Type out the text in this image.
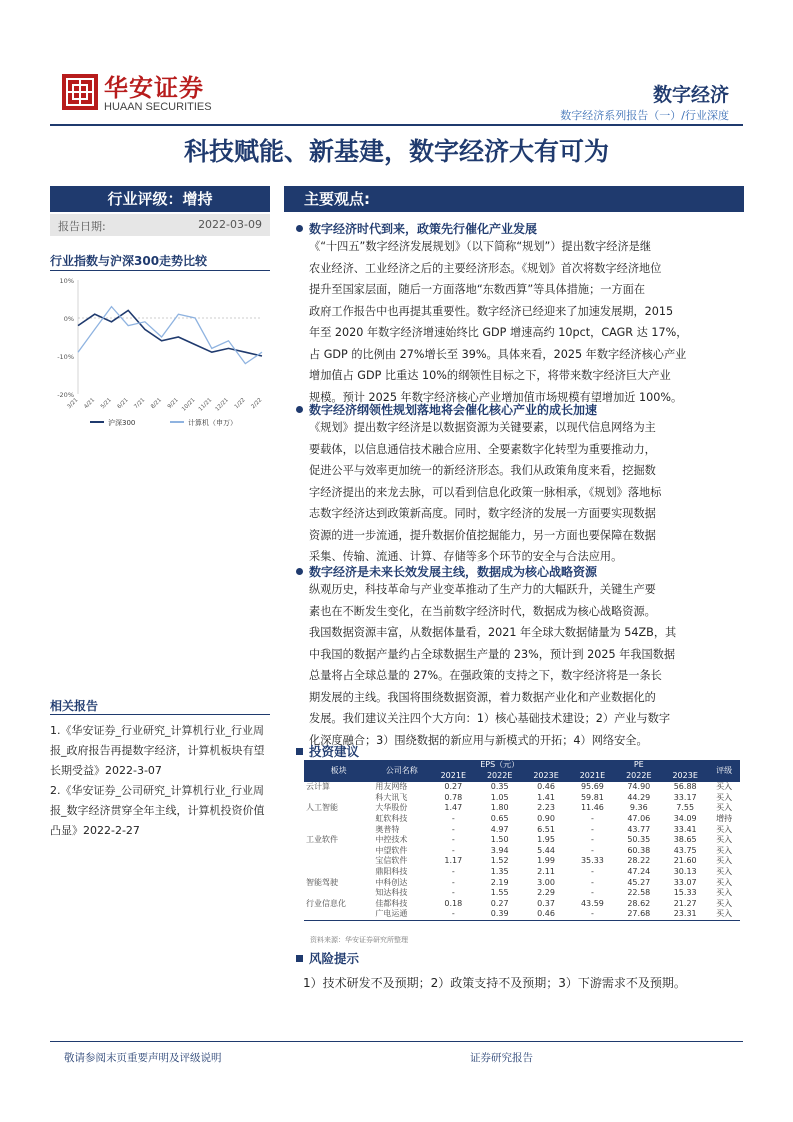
华安证券
HUAAN SECURITIES
数字经济
数字经济系列报告（一）/行业深度
科技赋能、新基建，数字经济大有可为
行业评级：增持
报告日期:	2022-03-09
行业指数与沪深300走势比较
3/21 4/21 5/21 6/21 7/21 8/21 9/21 10/21 11/21 12/21 1/22 2/22
10%
0%
-10%
-20%
沪深300	计算机（申万）
相关报告
1.《华安证券_行业研究_计算机行业_行业周报_政府报告再提数字经济，计算机板块有望长期受益》2022-3-07
2.《华安证券_公司研究_计算机行业_行业周报_数字经济贯穿全年主线，计算机投资价值凸显》2022-2-27
主要观点:
数字经济时代到来，政策先行催化产业发展
《“十四五”数字经济发展规划》（以下简称“规划”）提出数字经济是继
农业经济、工业经济之后的主要经济形态。《规划》首次将数字经济地位
提升至国家层面，随后一方面落地“东数西算”等具体措施；一方面在
政府工作报告中也再提其重要性。数字经济已经迎来了加速发展期，2015
年至 2020 年数字经济增速始终比 GDP 增速高约 10pct，CAGR 达 17%，
占 GDP 的比例由 27%增长至 39%。具体来看，2025 年数字经济核心产业
增加值占 GDP 比重达 10%的纲领性目标之下，将带来数字经济巨大产业
规模。预计 2025 年数字经济核心产业增加值市场规模有望增加近 100%。
数字经济纲领性规划落地将会催化核心产业的成长加速
《规划》提出数字经济是以数据资源为关键要素，以现代信息网络为主
要载体，以信息通信技术融合应用、全要素数字化转型为重要推动力，
促进公平与效率更加统一的新经济形态。我们从政策角度来看，挖掘数
字经济提出的来龙去脉，可以看到信息化政策一脉相承，《规划》落地标
志数字经济达到政策新高度。同时，数字经济的发展一方面要实现数据
资源的进一步流通，提升数据价值挖掘能力，另一方面也要保障在数据
采集、传输、流通、计算、存储等多个环节的安全与合法应用。
数字经济是未来长效发展主线，数据成为核心战略资源
纵观历史，科技革命与产业变革推动了生产力的大幅跃升，关键生产要
素也在不断发生变化，在当前数字经济时代，数据成为核心战略资源。
我国数据资源丰富，从数据体量看，2021 年全球大数据储量为 54ZB，其
中我国的数据产量约占全球数据生产量的 23%，预计到 2025 年我国数据
总量将占全球总量的 27%。在强政策的支持之下，数字经济将是一条长
期发展的主线。我国将围绕数据资源，着力数据产业化和产业数据化的
发展。我们建议关注四个大方向：1）核心基础技术建设；2）产业与数字
化深度融合；3）围绕数据的新应用与新模式的开拓；4）网络安全。
投资建议
板块	公司名称	EPS（元）			PE			评级
		2021E	2022E	2023E	2021E	2022E	2023E	
云计算	用友网络	0.27	0.35	0.46	95.69	74.90	56.88	买入
	科大讯飞	0.78	1.05	1.41	59.81	44.29	33.17	买入
人工智能	大华股份	1.47	1.80	2.23	11.46	9.36	7.55	买入
	虹软科技	-	0.65	0.90	-	47.06	34.09	增持
	奥普特	-	4.97	6.51	-	43.77	33.41	买入
工业软件	中控技术	-	1.50	1.95	-	50.35	38.65	买入
	中望软件	-	3.94	5.44	-	60.38	43.75	买入
	宝信软件	1.17	1.52	1.99	35.33	28.22	21.60	买入
	鼎阳科技	-	1.35	2.11	-	47.24	30.13	买入
智能驾驶	中科创达	-	2.19	3.00	-	45.27	33.07	买入
	知达科技	-	1.55	2.29	-	22.58	15.33	买入
行业信息化	佳都科技	0.18	0.27	0.37	43.59	28.62	21.27	买入
	广电运通	-	0.39	0.46	-	27.68	23.31	买入
资料来源：华安证券研究所整理
风险提示
1）技术研发不及预期；2）政策支持不及预期；3）下游需求不及预期。
敬请参阅末页重要声明及评级说明	证券研究报告
